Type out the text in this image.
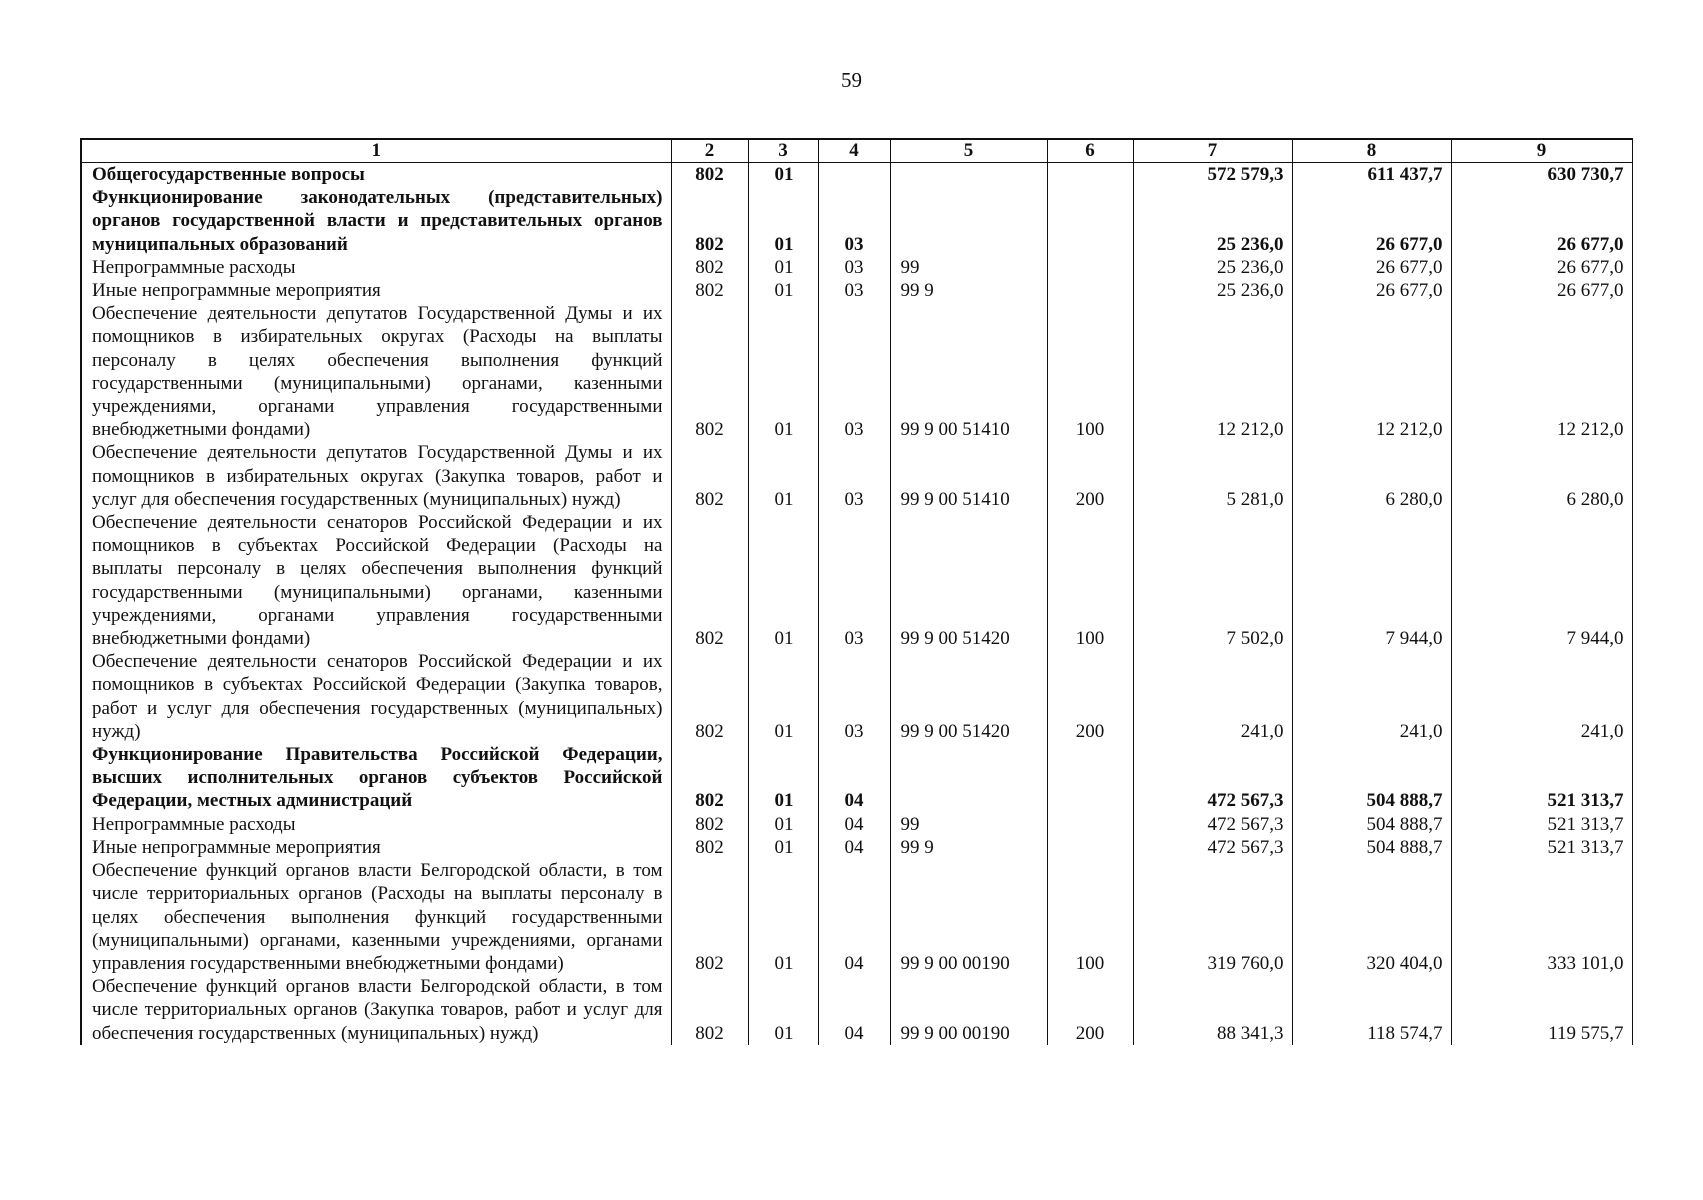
59
1	2	3	4	5	6	7	8	9
Общегосударственные вопросы	802	01				572 579,3	611 437,7	630 730,7
Функционирование законодательных (представительных) органов государственной власти и представительных органов муниципальных образований	802	01	03			25 236,0	26 677,0	26 677,0
Непрограммные расходы	802	01	03	99		25 236,0	26 677,0	26 677,0
Иные непрограммные мероприятия	802	01	03	99 9		25 236,0	26 677,0	26 677,0
Обеспечение деятельности депутатов Государственной Думы и их помощников в избирательных округах (Расходы на выплаты персоналу в целях обеспечения выполнения функций государственными (муниципальными) органами, казенными учреждениями, органами управления государственными внебюджетными фондами)	802	01	03	99 9 00 51410	100	12 212,0	12 212,0	12 212,0
Обеспечение деятельности депутатов Государственной Думы и их помощников в избирательных округах (Закупка товаров, работ и услуг для обеспечения государственных (муниципальных) нужд)	802	01	03	99 9 00 51410	200	5 281,0	6 280,0	6 280,0
Обеспечение деятельности сенаторов Российской Федерации и их помощников в субъектах Российской Федерации (Расходы на выплаты персоналу в целях обеспечения выполнения функций государственными (муниципальными) органами, казенными учреждениями, органами управления государственными внебюджетными фондами)	802	01	03	99 9 00 51420	100	7 502,0	7 944,0	7 944,0
Обеспечение деятельности сенаторов Российской Федерации и их помощников в субъектах Российской Федерации (Закупка товаров, работ и услуг для обеспечения государственных (муниципальных) нужд)	802	01	03	99 9 00 51420	200	241,0	241,0	241,0
Функционирование Правительства Российской Федерации, высших исполнительных органов субъектов Российской Федерации, местных администраций	802	01	04			472 567,3	504 888,7	521 313,7
Непрограммные расходы	802	01	04	99		472 567,3	504 888,7	521 313,7
Иные непрограммные мероприятия	802	01	04	99 9		472 567,3	504 888,7	521 313,7
Обеспечение функций органов власти Белгородской области, в том числе территориальных органов (Расходы на выплаты персоналу в целях обеспечения выполнения функций государственными (муниципальными) органами, казенными учреждениями, органами управления государственными внебюджетными фондами)	802	01	04	99 9 00 00190	100	319 760,0	320 404,0	333 101,0
Обеспечение функций органов власти Белгородской области, в том числе территориальных органов (Закупка товаров, работ и услуг для обеспечения государственных (муниципальных) нужд)	802	01	04	99 9 00 00190	200	88 341,3	118 574,7	119 575,7
